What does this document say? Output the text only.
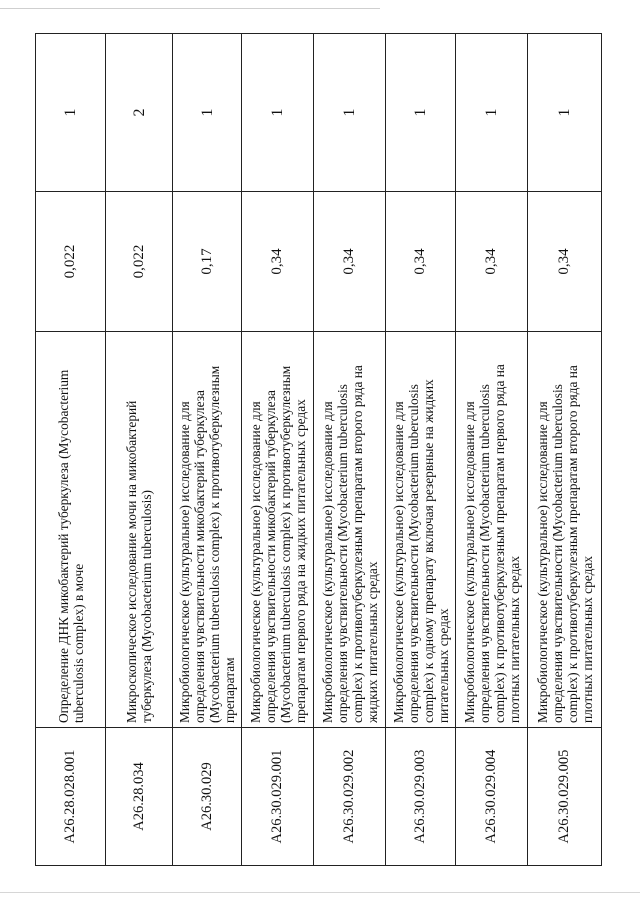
A26.28.028.001	Определение ДНК микобактерий туберкулеза (Mycobacterium tuberculosis complex) в моче	0,022	1
A26.28.034	Микроскопическое исследование мочи на микобактерий туберкулеза (Mycobacterium tuberculosis)	0,022	2
A26.30.029	Микробиологическое (культуральное) исследование для определения чувствительности микобактерий туберкулеза (Mycobacterium tuberculosis complex) к противотуберкулезным препаратам	0,17	1
A26.30.029.001	Микробиологическое (культуральное) исследование для определения чувствительности микобактерий туберкулеза (Mycobacterium tuberculosis complex) к противотуберкулезным препаратам первого ряда на жидких питательных средах	0,34	1
A26.30.029.002	Микробиологическое (культуральное) исследование для определения чувствительности (Mycobacterium tuberculosis complex) к противотуберкулезным препаратам второго ряда на жидких питательных средах	0,34	1
A26.30.029.003	Микробиологическое (культуральное) исследование для определения чувствительности (Mycobacterium tuberculosis complex) к одному препарату включая резервные на жидких питательных средах	0,34	1
A26.30.029.004	Микробиологическое (культуральное) исследование для определения чувствительности (Mycobacterium tuberculosis complex) к противотуберкулезным препаратам первого ряда на плотных питательных средах	0,34	1
A26.30.029.005	Микробиологическое (культуральное) исследование для определения чувствительности (Mycobacterium tuberculosis complex) к противотуберкулезным препаратам второго ряда на плотных питательных средах	0,34	1
